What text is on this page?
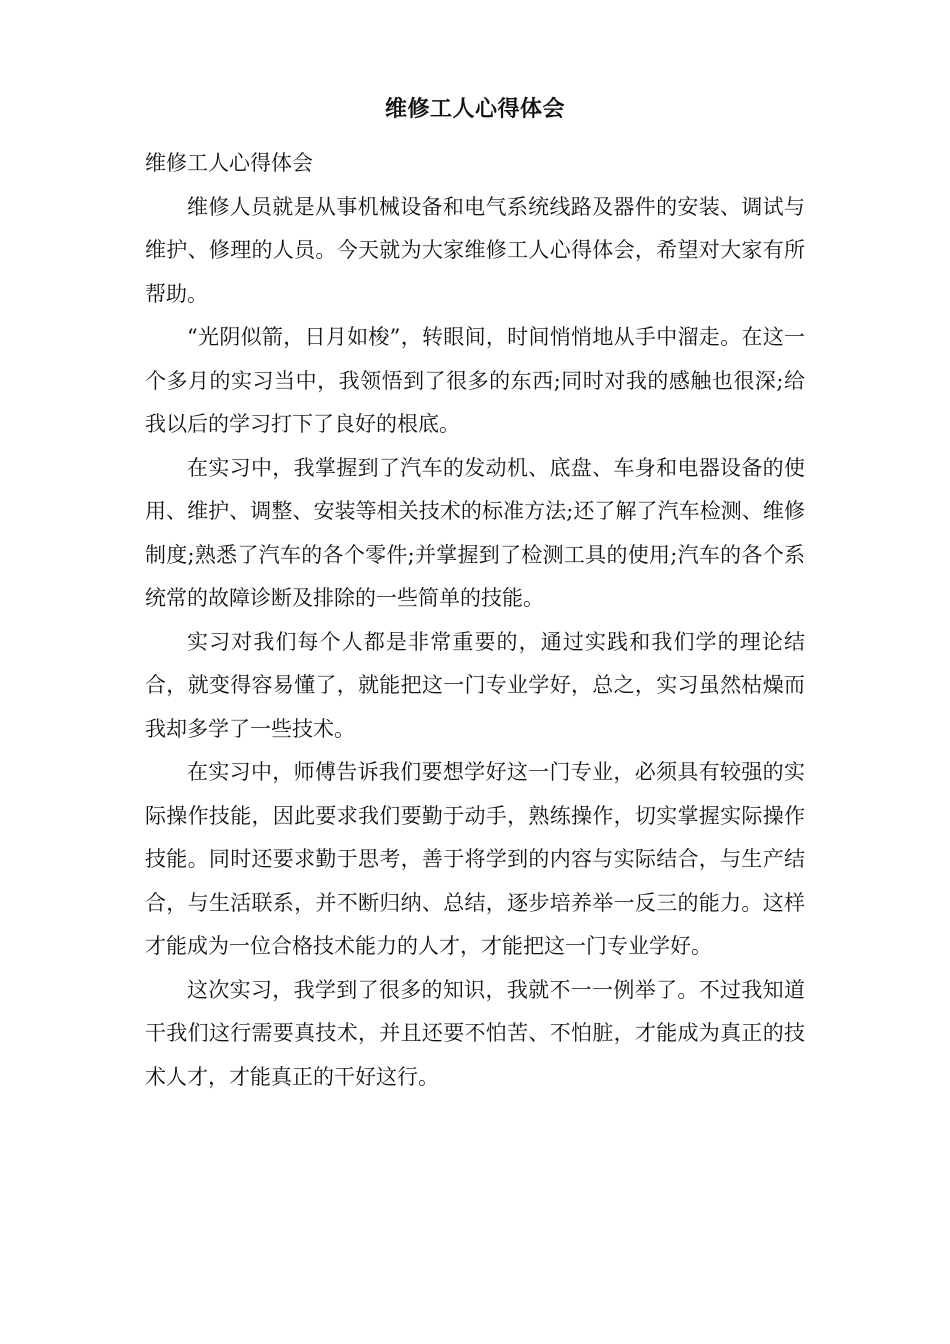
维修工人心得体会

维修工人心得体会

维修人员就是从事机械设备和电气系统线路及器件的安装、调试与维护、修理的人员。今天就为大家维修工人心得体会，希望对大家有所帮助。

“光阴似箭，日月如梭”，转眼间，时间悄悄地从手中溜走。在这一个多月的实习当中，我领悟到了很多的东西;同时对我的感触也很深;给我以后的学习打下了良好的根底。

在实习中，我掌握到了汽车的发动机、底盘、车身和电器设备的使用、维护、调整、安装等相关技术的标准方法;还了解了汽车检测、维修制度;熟悉了汽车的各个零件;并掌握到了检测工具的使用;汽车的各个系统常的故障诊断及排除的一些简单的技能。

实习对我们每个人都是非常重要的，通过实践和我们学的理论结合，就变得容易懂了，就能把这一门专业学好，总之，实习虽然枯燥而我却多学了一些技术。

在实习中，师傅告诉我们要想学好这一门专业，必须具有较强的实际操作技能，因此要求我们要勤于动手，熟练操作，切实掌握实际操作技能。同时还要求勤于思考，善于将学到的内容与实际结合，与生产结合，与生活联系，并不断归纳、总结，逐步培养举一反三的能力。这样才能成为一位合格技术能力的人才，才能把这一门专业学好。

这次实习，我学到了很多的知识，我就不一一例举了。不过我知道干我们这行需要真技术，并且还要不怕苦、不怕脏，才能成为真正的技术人才，才能真正的干好这行。
